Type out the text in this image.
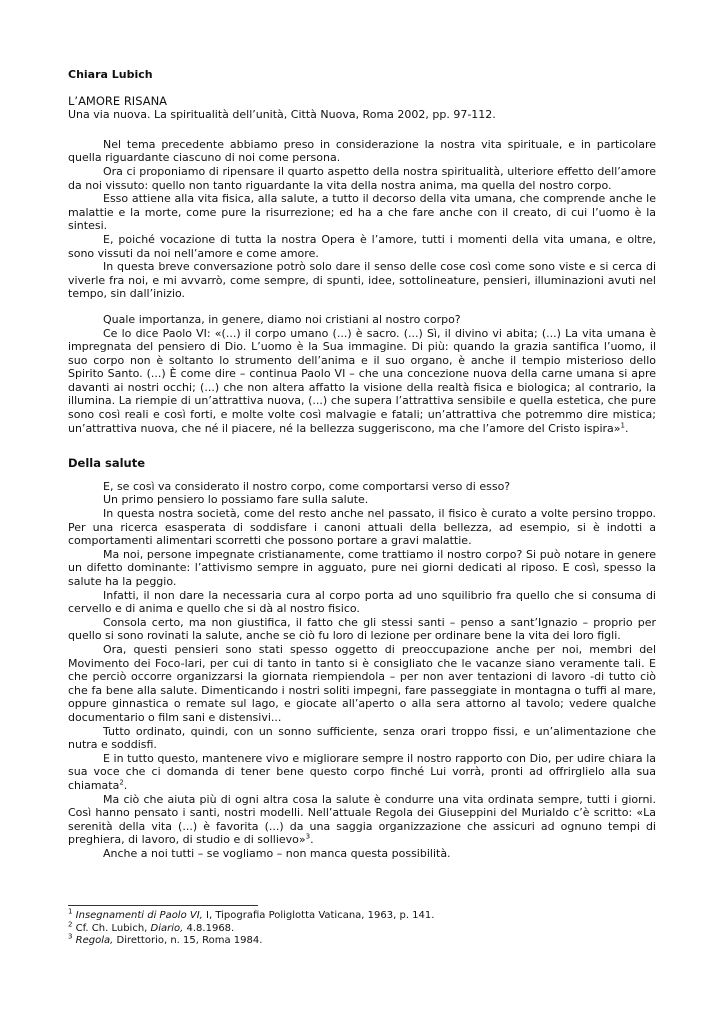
Chiara Lubich
L’AMORE RISANA
Una via nuova. La spiritualità dell’unità, Città Nuova, Roma 2002, pp. 97-112.

Nel tema precedente abbiamo preso in considerazione la nostra vita spirituale, e in particolare quella riguardante ciascuno di noi come persona.

Ora ci proponiamo di ripensare il quarto aspetto della nostra spiritualità, ulteriore effetto dell’amore da noi vissuto: quello non tanto riguardante la vita della nostra anima, ma quella del nostro corpo.

Esso attiene alla vita fisica, alla salute, a tutto il decorso della vita umana, che comprende anche le malattie e la morte, come pure la risurrezione; ed ha a che fare anche con il creato, di cui l’uomo è la sintesi.

E, poiché vocazione di tutta la nostra Opera è l’amore, tutti i momenti della vita umana, e oltre, sono vissuti da noi nell’amore e come amore.

In questa breve conversazione potrò solo dare il senso delle cose così come sono viste e si cerca di viverle fra noi, e mi avvarrò, come sempre, di spunti, idee, sottolineature, pensieri, illuminazioni avuti nel tempo, sin dall’inizio.

Quale importanza, in genere, diamo noi cristiani al nostro corpo?

Ce lo dice Paolo VI: «(...) il corpo umano (...) è sacro. (...) Sì, il divino vi abita; (...) La vita umana è impregnata del pensiero di Dio. L’uomo è la Sua immagine. Di più: quando la grazia santifica l’uomo, il suo corpo non è soltanto lo strumento dell’anima e il suo organo, è anche il tempio misterioso dello Spirito Santo. (...) È come dire – continua Paolo VI – che una concezione nuova della carne umana si apre davanti ai nostri occhi; (...) che non altera affatto la visione della realtà fisica e biologica; al contrario, la illumina. La riempie di un’attrattiva nuova, (...) che supera l’attrattiva sensibile e quella estetica, che pure sono così reali e così forti, e molte volte così malvagie e fatali; un’attrattiva che potremmo dire mistica; un’attrattiva nuova, che né il piacere, né la bellezza suggeriscono, ma che l’amore del Cristo ispira»$^1$.

Della salute

E, se così va considerato il nostro corpo, come comportarsi verso di esso?

Un primo pensiero lo possiamo fare sulla salute.

In questa nostra società, come del resto anche nel passato, il fisico è curato a volte persino troppo. Per una ricerca esasperata di soddisfare i canoni attuali della bellezza, ad esempio, si è indotti a comportamenti alimentari scorretti che possono portare a gravi malattie.

Ma noi, persone impegnate cristianamente, come trattiamo il nostro corpo? Si può notare in genere un difetto dominante: l’attivismo sempre in agguato, pure nei giorni dedicati al riposo. E così, spesso la salute ha la peggio.

Infatti, il non dare la necessaria cura al corpo porta ad uno squilibrio fra quello che si consuma di cervello e di anima e quello che si dà al nostro fisico.

Consola certo, ma non giustifica, il fatto che gli stessi santi – penso a sant’Ignazio – proprio per quello si sono rovinati la salute, anche se ciò fu loro di lezione per ordinare bene la vita dei loro figli.

Ora, questi pensieri sono stati spesso oggetto di preoccupazione anche per noi, membri del Movimento dei Foco-lari, per cui di tanto in tanto si è consigliato che le vacanze siano veramente tali. E che perciò occorre organizzarsi la giornata riempiendola – per non aver tentazioni di lavoro -di tutto ciò che fa bene alla salute. Dimenticando i nostri soliti impegni, fare passeggiate in montagna o tuffi al mare, oppure ginnastica o remate sul lago, e giocate all’aperto o alla sera attorno al tavolo; vedere qualche documentario o film sani e distensivi...

Tutto ordinato, quindi, con un sonno sufficiente, senza orari troppo fissi, e un’alimentazione che nutra e soddisfi.

E in tutto questo, mantenere vivo e migliorare sempre il nostro rapporto con Dio, per udire chiara la sua voce che ci domanda di tener bene questo corpo finché Lui vorrà, pronti ad offrirglielo alla sua chiamata$^2$.

Ma ciò che aiuta più di ogni altra cosa la salute è condurre una vita ordinata sempre, tutti i giorni. Così hanno pensato i santi, nostri modelli. Nell’attuale Regola dei Giuseppini del Murialdo c’è scritto: «La serenità della vita (...) è favorita (...) da una saggia organizzazione che assicuri ad ognuno tempi di preghiera, di lavoro, di studio e di sollievo»$^3$.

Anche a noi tutti – se vogliamo – non manca questa possibilità.

$^1$ Insegnamenti di Paolo VI, I, Tipografia Poliglotta Vaticana, 1963, p. 141.
$^2$ Cf. Ch. Lubich, Diario, 4.8.1968.
$^3$ Regola, Direttorio, n. 15, Roma 1984.
